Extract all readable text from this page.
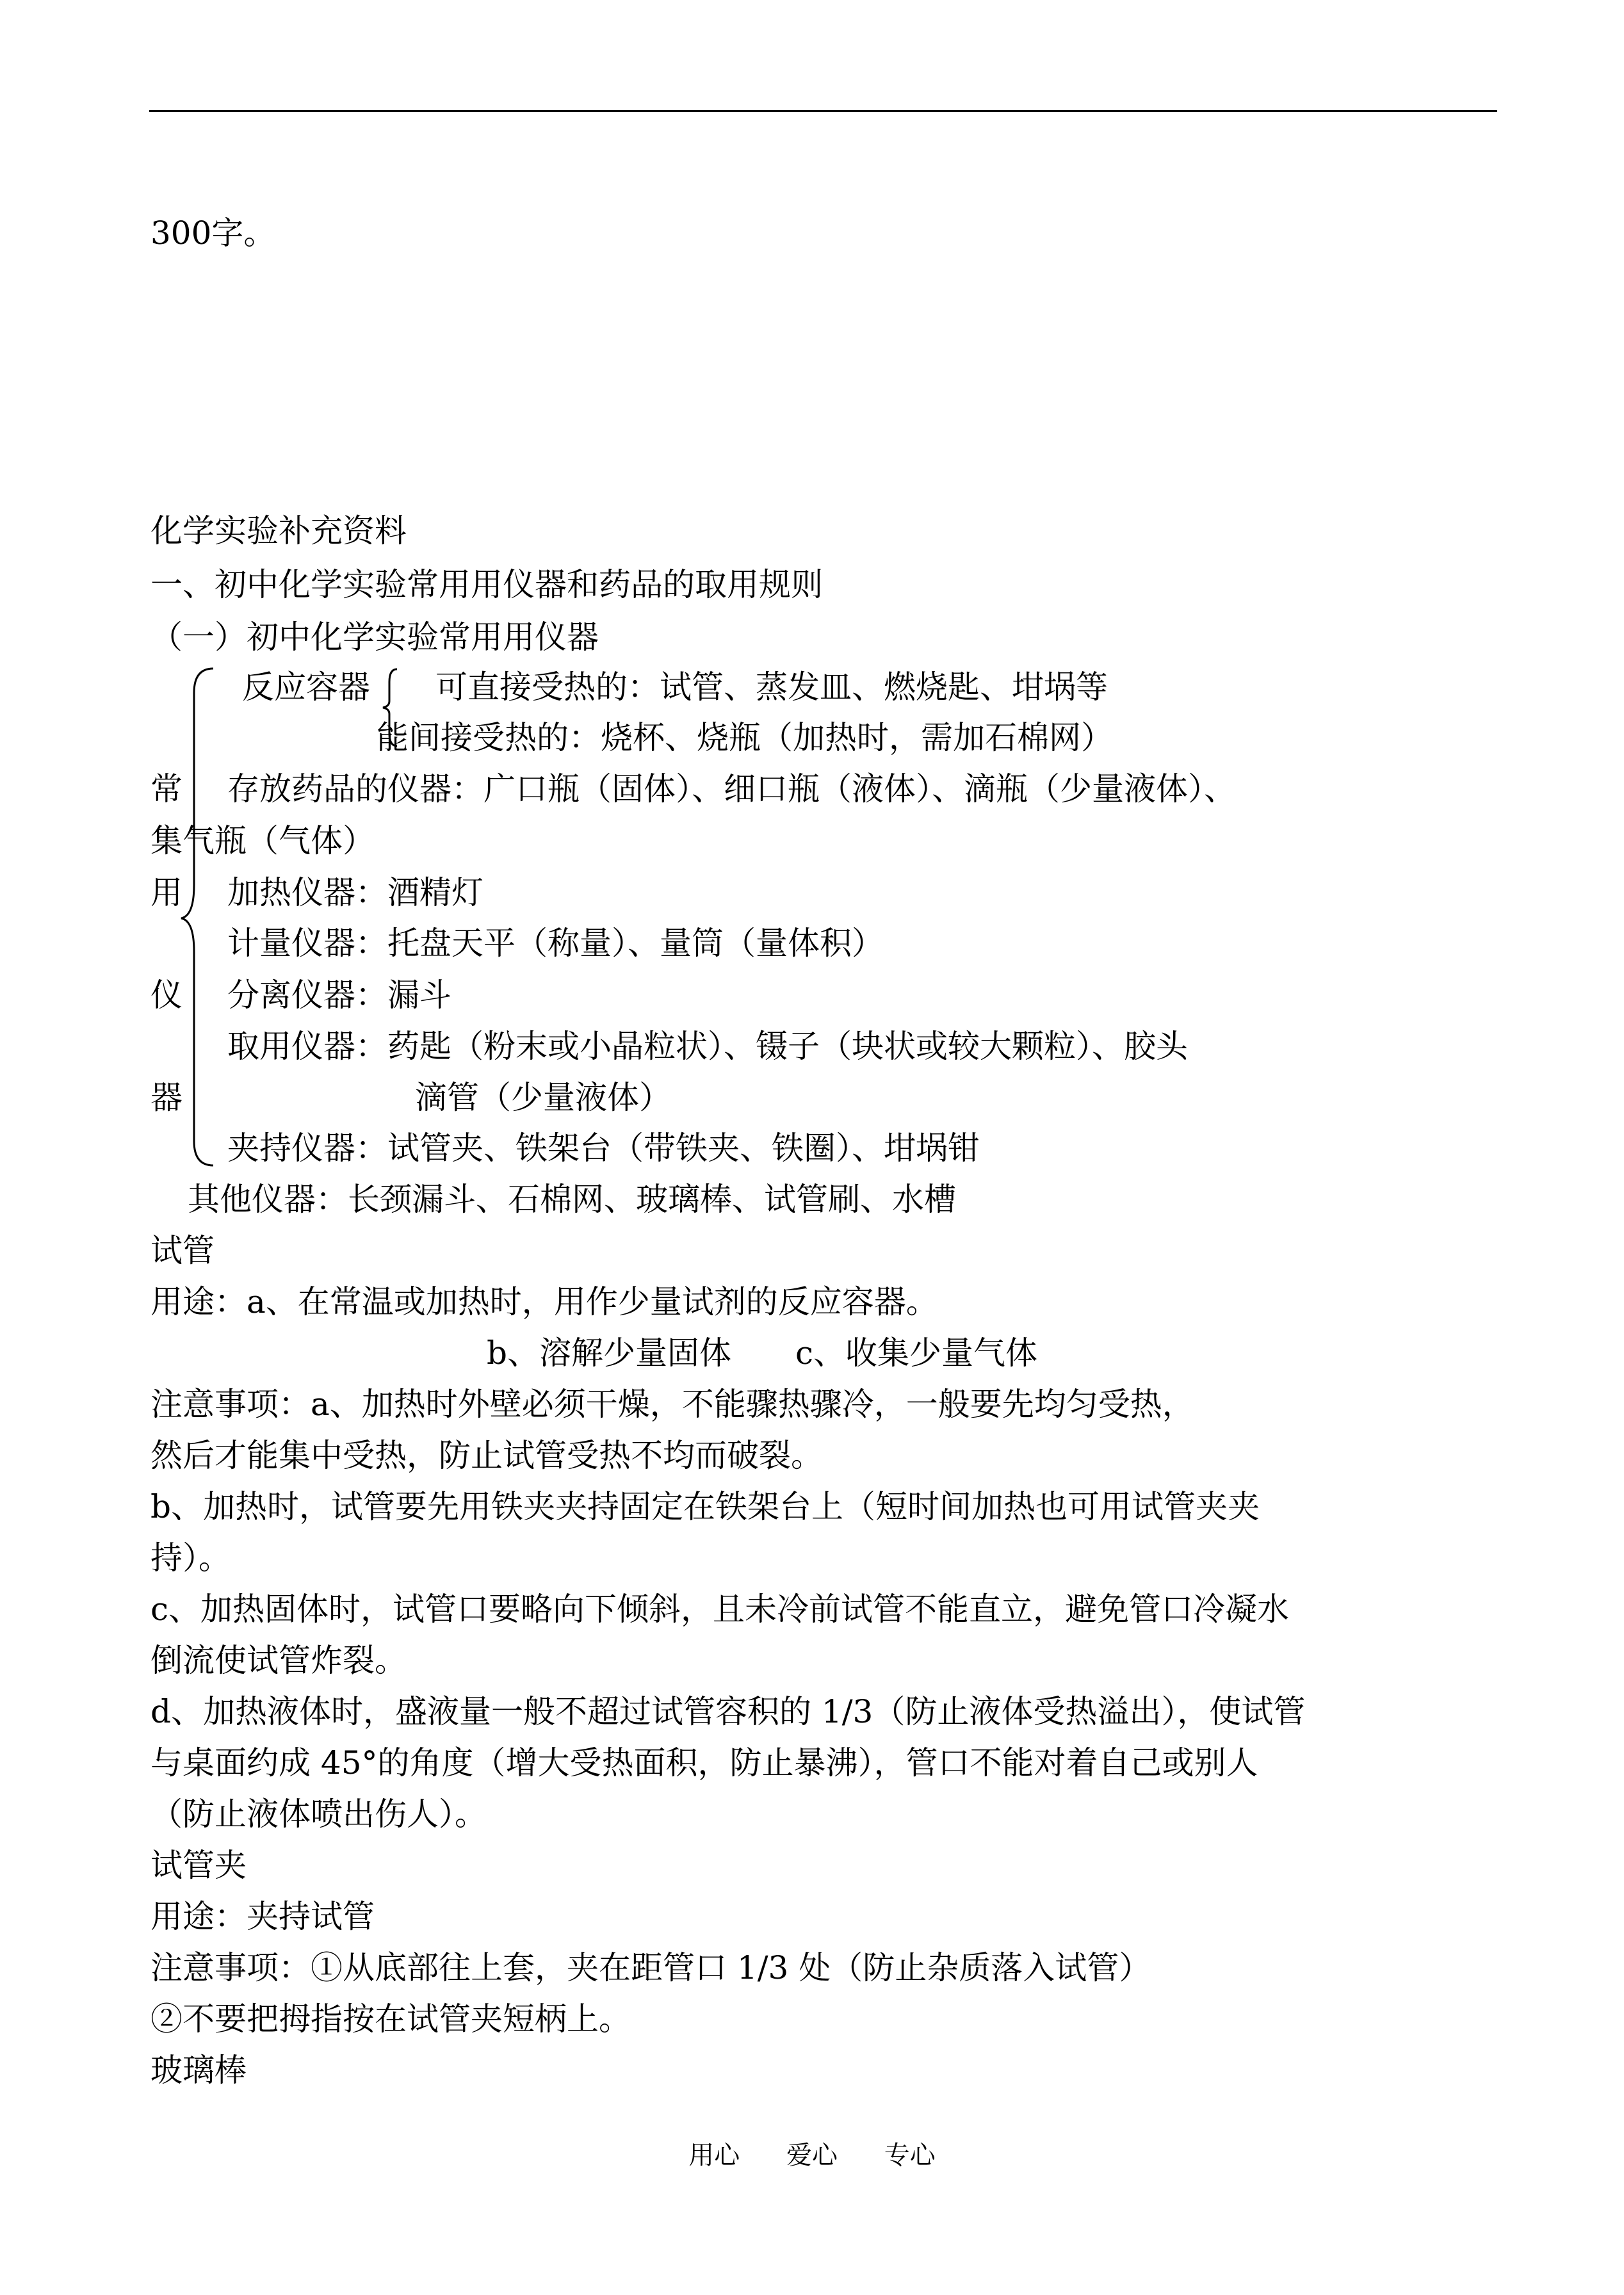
300字。
化学实验补充资料
一、初中化学实验常用用仪器和药品的取用规则
（一）初中化学实验常用用仪器
反应容器 可直接受热的：试管、蒸发皿、燃烧匙、坩埚等
能间接受热的：烧杯、烧瓶（加热时，需加石棉网）
常 存放药品的仪器：广口瓶（固体）、细口瓶（液体）、滴瓶（少量液体）、
集气瓶（气体）
用 加热仪器：酒精灯
计量仪器：托盘天平（称量）、量筒（量体积）
仪 分离仪器：漏斗
取用仪器：药匙（粉末或小晶粒状）、镊子（块状或较大颗粒）、胶头
器	滴管（少量液体）
夹持仪器：试管夹、铁架台（带铁夹、铁圈）、坩埚钳
其他仪器：长颈漏斗、石棉网、玻璃棒、试管刷、水槽
试管
用途：a、在常温或加热时，用作少量试剂的反应容器。
b、溶解少量固体　　c、收集少量气体
注意事项：a、加热时外壁必须干燥，不能骤热骤冷，一般要先均匀受热，
然后才能集中受热，防止试管受热不均而破裂。
b、加热时，试管要先用铁夹夹持固定在铁架台上（短时间加热也可用试管夹夹
持）。
c、加热固体时，试管口要略向下倾斜，且未冷前试管不能直立，避免管口冷凝水
倒流使试管炸裂。
d、加热液体时，盛液量一般不超过试管容积的 1/3（防止液体受热溢出），使试管
与桌面约成 45°的角度（增大受热面积，防止暴沸），管口不能对着自己或别人
（防止液体喷出伤人）。
试管夹
用途：夹持试管
注意事项：①从底部往上套，夹在距管口 1/3 处（防止杂质落入试管）
②不要把拇指按在试管夹短柄上。
玻璃棒
用心 爱心 专心
